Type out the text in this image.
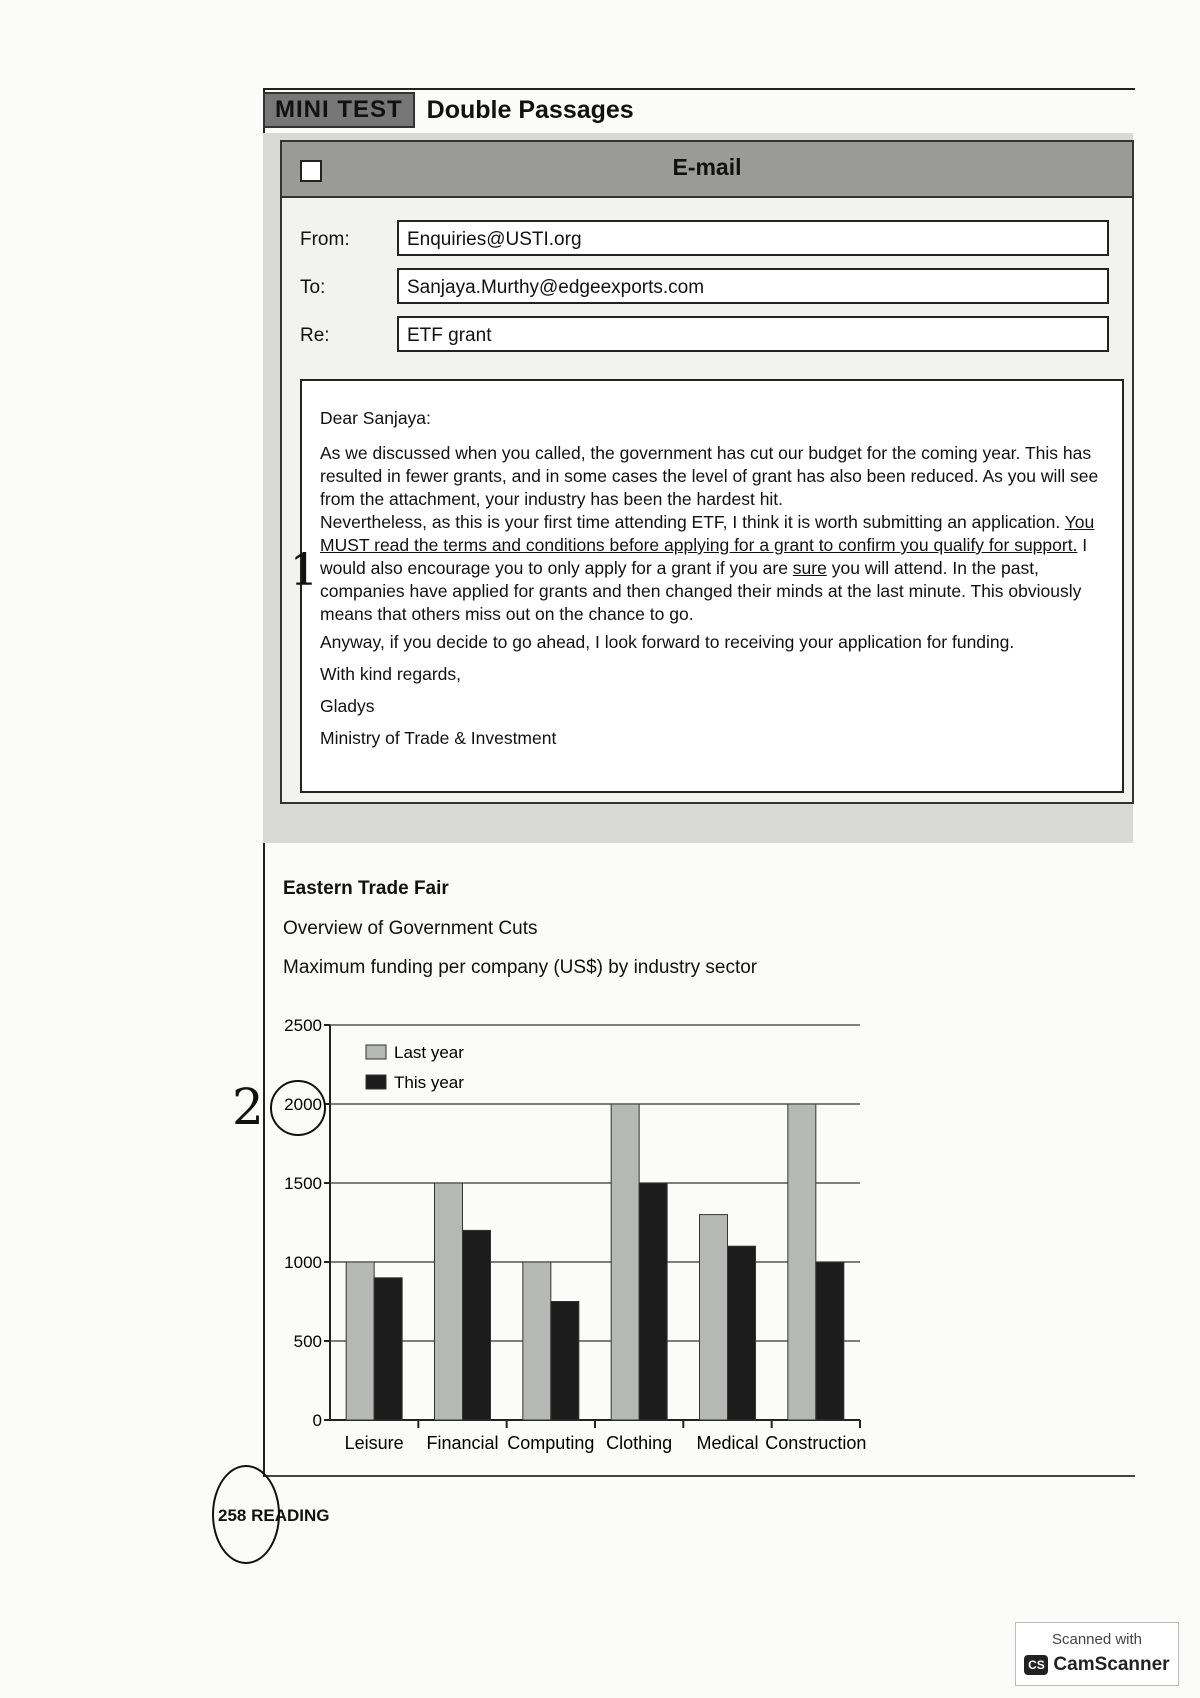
MINI TEST Double Passages
E-mail
From:	Enquiries@USTI.org
To:	Sanjaya.Murthy@edgeexports.com
Re:	ETF grant

Dear Sanjaya:

As we discussed when you called, the government has cut our budget for the coming year. This has resulted in fewer grants, and in some cases the level of grant has also been reduced. As you will see from the attachment, your industry has been the hardest hit.

Nevertheless, as this is your first time attending ETF, I think it is worth submitting an application. You MUST read the terms and conditions before applying for a grant to confirm you qualify for support. I would also encourage you to only apply for a grant if you are sure you will attend. In the past, companies have applied for grants and then changed their minds at the last minute. This obviously means that others miss out on the chance to go.

Anyway, if you decide to go ahead, I look forward to receiving your application for funding.

With kind regards,

Gladys

Ministry of Trade & Investment

1
Eastern Trade Fair
Overview of Government Cuts
Maximum funding per company (US$) by industry sector
0
500
1000
1500
2000
2500
Leisure Financial Computing Clothing Medical Construction
Last year
This year
2
258 READING
Scanned with
CS CamScanner
